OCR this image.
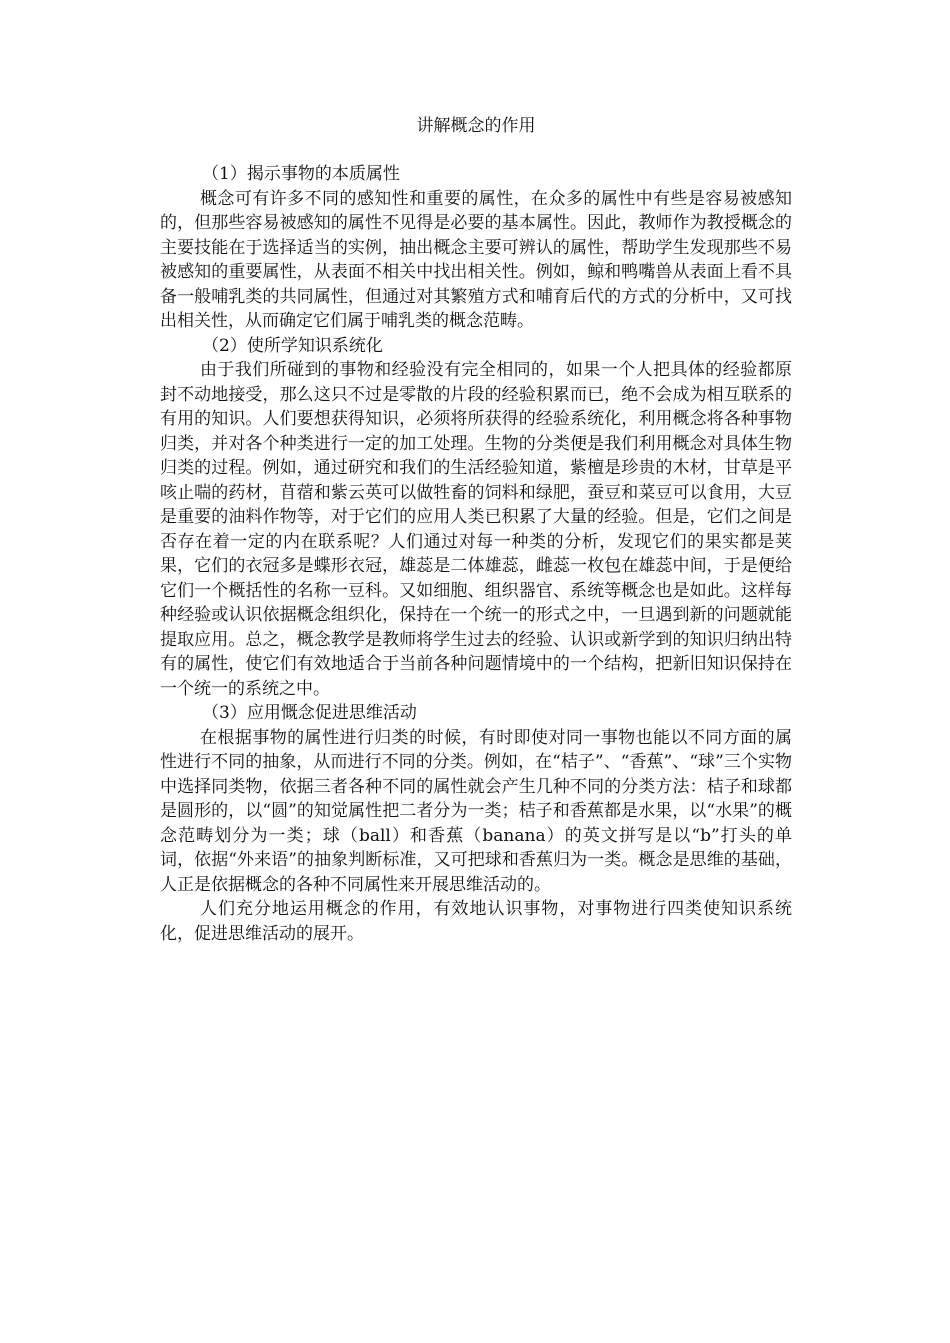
讲解概念的作用

（1）揭示事物的本质属性

概念可有许多不同的感知性和重要的属性，在众多的属性中有些是容易被感知的，但那些容易被感知的属性不见得是必要的基本属性。因此，教师作为教授概念的主要技能在于选择适当的实例，抽出概念主要可辨认的属性，帮助学生发现那些不易被感知的重要属性，从表面不相关中找出相关性。例如，鲸和鸭嘴兽从表面上看不具备一般哺乳类的共同属性，但通过对其繁殖方式和哺育后代的方式的分析中，又可找出相关性，从而确定它们属于哺乳类的概念范畴。

（2）使所学知识系统化

由于我们所碰到的事物和经验没有完全相同的，如果一个人把具体的经验都原封不动地接受，那么这只不过是零散的片段的经验积累而已，绝不会成为相互联系的有用的知识。人们要想获得知识，必须将所获得的经验系统化，利用概念将各种事物归类，并对各个种类进行一定的加工处理。生物的分类便是我们利用概念对具体生物归类的过程。例如，通过研究和我们的生活经验知道，紫檀是珍贵的木材，甘草是平咳止喘的药材，苜蓿和紫云英可以做牲畜的饲料和绿肥，蚕豆和菜豆可以食用，大豆是重要的油料作物等，对于它们的应用人类已积累了大量的经验。但是，它们之间是否存在着一定的内在联系呢？人们通过对每一种类的分析，发现它们的果实都是荚果，它们的衣冠多是蝶形衣冠，雄蕊是二体雄蕊，雌蕊一枚包在雄蕊中间，于是便给它们一个概括性的名称一豆科。又如细胞、组织器官、系统等概念也是如此。这样每种经验或认识依据概念组织化，保持在一个统一的形式之中，一旦遇到新的问题就能提取应用。总之，概念教学是教师将学生过去的经验、认识或新学到的知识归纳出特有的属性，使它们有效地适合于当前各种问题情境中的一个结构，把新旧知识保持在一个统一的系统之中。

（3）应用慨念促进思维活动

在根据事物的属性进行归类的时候，有时即使对同一事物也能以不同方面的属性进行不同的抽象，从而进行不同的分类。例如，在“桔子”、“香蕉”、“球”三个实物中选择同类物，依据三者各种不同的属性就会产生几种不同的分类方法：桔子和球都是圆形的，以“圆”的知觉属性把二者分为一类；桔子和香蕉都是水果，以“水果”的概念范畴划分为一类；球（ball）和香蕉（banana）的英文拼写是以“b”打头的单词，依据“外来语”的抽象判断标准，又可把球和香蕉归为一类。概念是思维的基础，人正是依据概念的各种不同属性来开展思维活动的。

人们充分地运用概念的作用，有效地认识事物，对事物进行四类使知识系统化，促进思维活动的展开。
